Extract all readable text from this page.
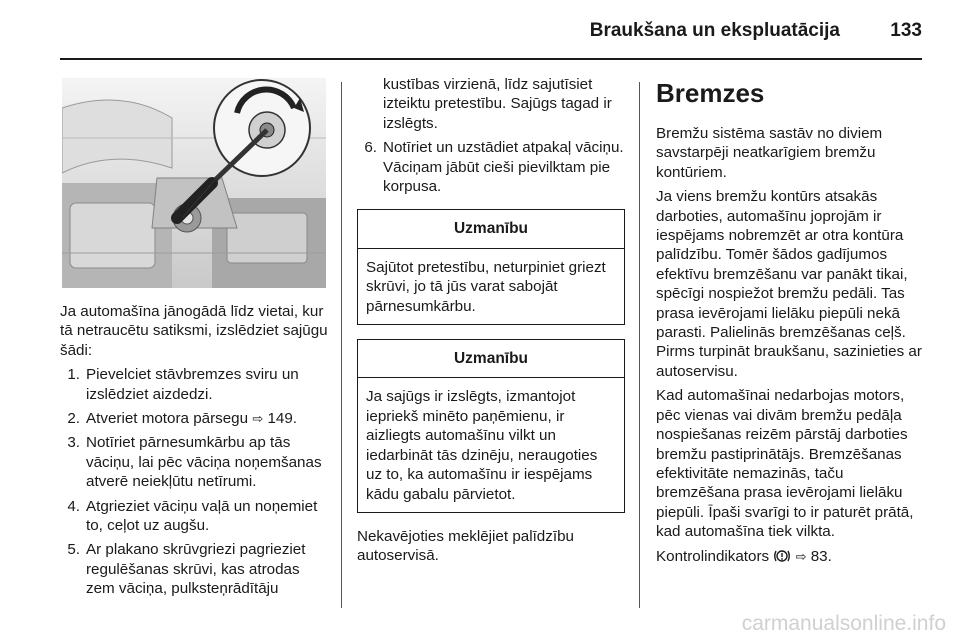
Braukšana un ekspluatācija	133

Ja automašīna jānogādā līdz vietai, kur tā netraucētu satiksmi, izslēdziet sajūgu šādi:

1. Pievelciet stāvbremzes sviru un izslēdziet aizdedzi.
2. Atveriet motora pārsegu ⇨ 149.
3. Notīriet pārnesumkārbu ap tās vāciņu, lai pēc vāciņa noņemšanas atverē neiekļūtu netīrumi.
4. Atgrieziet vāciņu vaļā un noņemiet to, ceļot uz augšu.
5. Ar plakano skrūvgriezi pagrieziet regulēšanas skrūvi, kas atrodas zem vāciņa, pulksteņrādītāju

kustības virzienā, līdz sajutīsiet izteiktu pretestību. Sajūgs tagad ir izslēgts.

6. Notīriet un uzstādiet atpakaļ vāciņu. Vāciņam jābūt cieši pievilktam pie korpusa.
Uzmanību
Sajūtot pretestību, neturpiniet griezt skrūvi, jo tā jūs varat sabojāt pārnesumkārbu.
Uzmanību
Ja sajūgs ir izslēgts, izmantojot iepriekš minēto paņēmienu, ir aizliegts automašīnu vilkt un iedarbināt tās dzinēju, neraugoties uz to, ka automašīnu ir iespējams kādu gabalu pārvietot.

Nekavējoties meklējiet palīdzību autoservisā.

Bremzes

Bremžu sistēma sastāv no diviem savstarpēji neatkarīgiem bremžu kontūriem.

Ja viens bremžu kontūrs atsakās darboties, automašīnu joprojām ir iespējams nobremzēt ar otra kontūra palīdzību. Tomēr šādos gadījumos efektīvu bremzēšanu var panākt tikai, spēcīgi nospiežot bremžu pedāli. Tas prasa ievērojami lielāku piepūli nekā parasti. Palielinās bremzēšanas ceļš. Pirms turpināt braukšanu, sazinieties ar autoservisu.

Kad automašīnai nedarbojas motors, pēc vienas vai divām bremžu pedāļa nospiešanas reizēm pārstāj darboties bremžu pastiprinātājs. Bremzēšanas efektivitāte nemazinās, taču bremzēšana prasa ievērojami lielāku piepūli. Īpaši svarīgi to ir paturēt prātā, kad automašīna tiek vilkta.

Kontrolindikators ⇨ 83.

carmanualsonline.info
